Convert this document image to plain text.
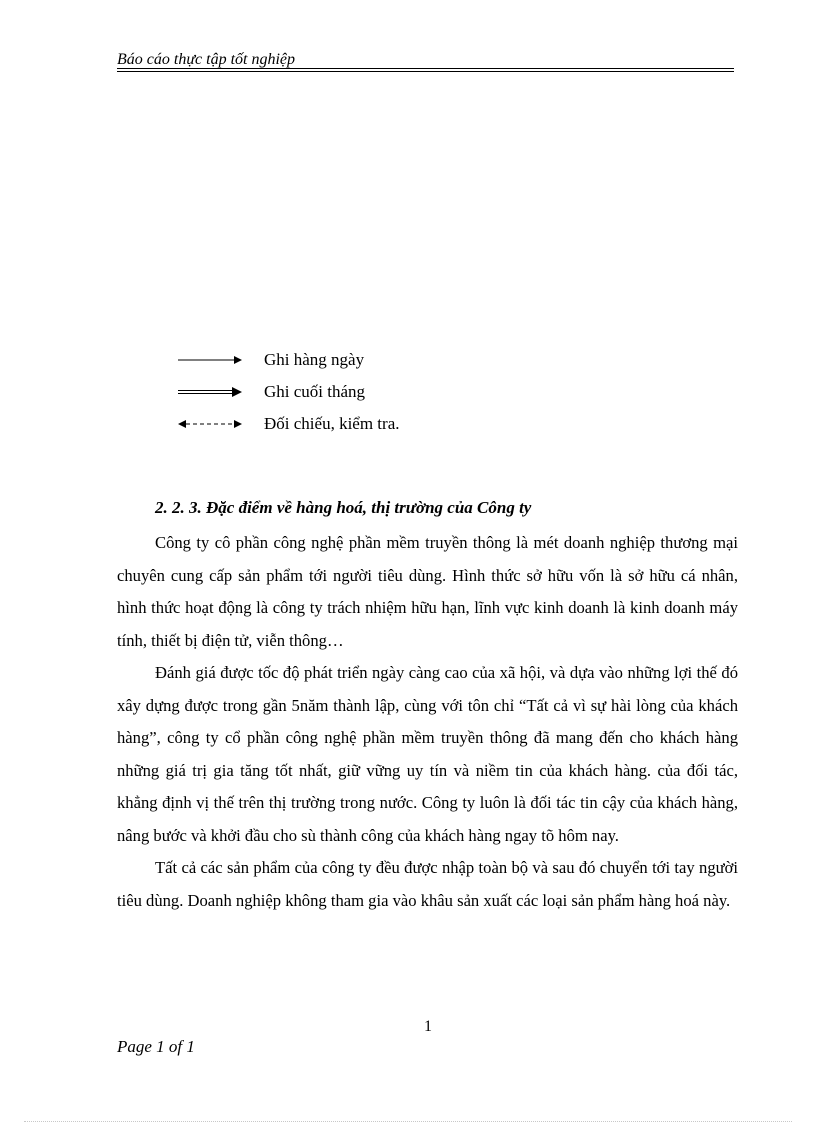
Báo cáo thực tập tốt nghiệp
Ghi hàng ngày
Ghi cuối tháng
Đối chiếu, kiểm tra.
2. 2. 3. Đặc điểm về hàng hoá, thị trường của Công ty

Công ty cô phần công nghệ phần mềm truyền thông là mét doanh nghiệp thương mại chuyên cung cấp sản phẩm tới người tiêu dùng. Hình thức sở hữu vốn là sở hữu cá nhân, hình thức hoạt động là công ty trách nhiệm hữu hạn, lĩnh vực kinh doanh là kinh doanh máy tính, thiết bị điện tử, viễn thông…

Đánh giá được tốc độ phát triển ngày càng cao của xã hội, và dựa vào những lợi thế đó xây dựng được trong gần 5năm thành lập, cùng với tôn chỉ “Tất cả vì sự hài lòng của khách hàng”, công ty cổ phần công nghệ phần mềm truyền thông đã mang đến cho khách hàng những giá trị gia tăng tốt nhất, giữ vững uy tín và niềm tin của khách hàng. của đối tác, khẳng định vị thế trên thị trường trong nước. Công ty luôn là đối tác tin cậy của khách hàng, nâng bước và khởi đầu cho sù thành công của khách hàng ngay tõ hôm nay.

Tất cả các sản phẩm của công ty đều được nhập toàn bộ và sau đó chuyển tới tay người tiêu dùng. Doanh nghiệp không tham gia vào khâu sản xuất các loại sản phẩm hàng hoá này.

1
Page 1 of 1
